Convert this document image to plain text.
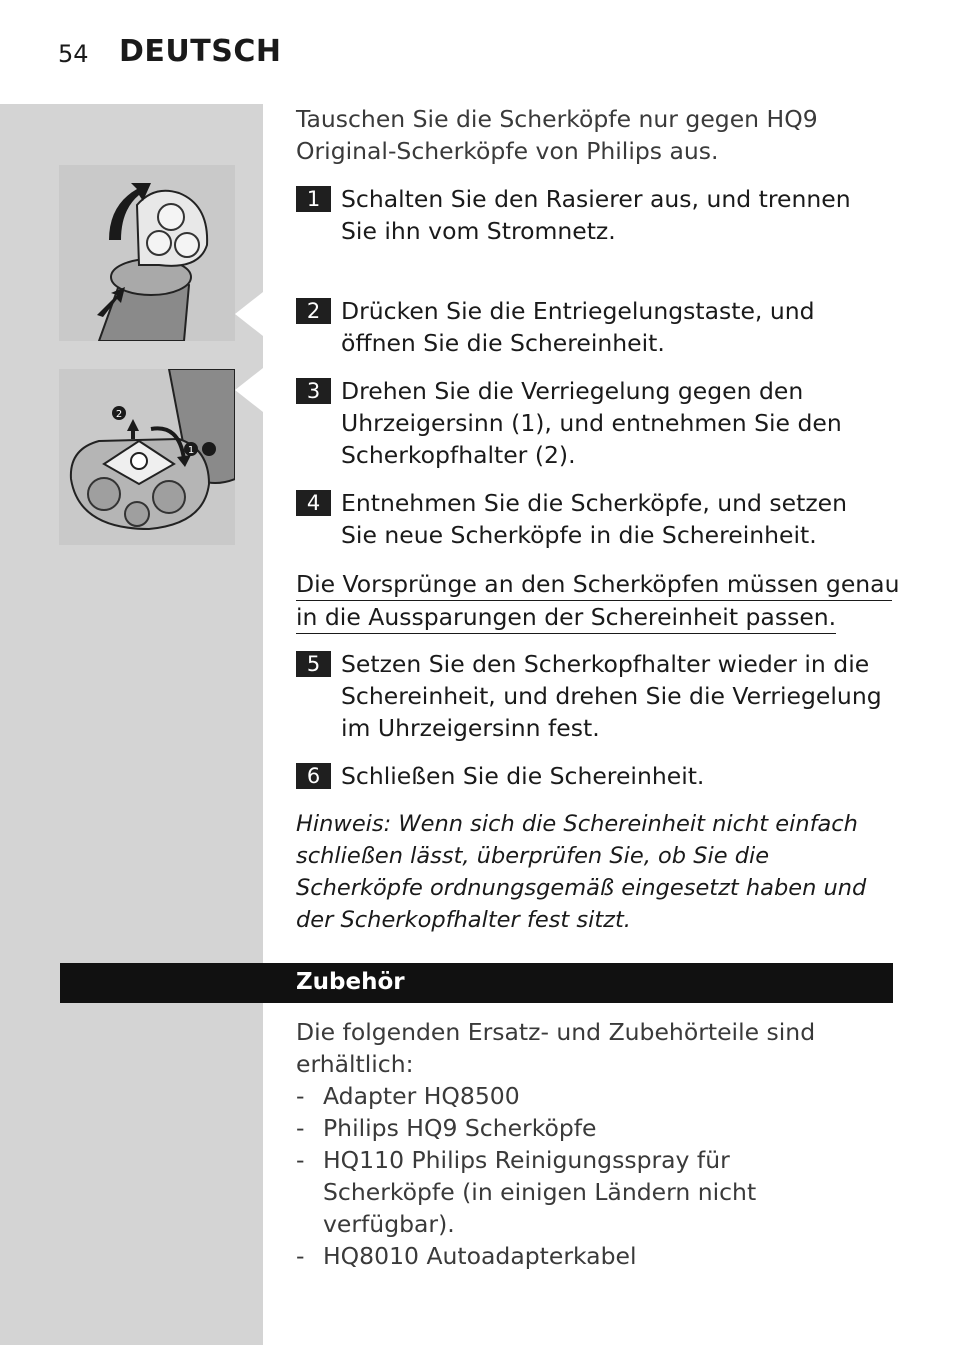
54 DEUTSCH
2
1
Tauschen Sie die Scherköpfe nur gegen HQ9 Original-Scherköpfe von Philips aus.
1 Schalten Sie den Rasierer aus, und trennen Sie ihn vom Stromnetz.
2 Drücken Sie die Entriegelungstaste, und öffnen Sie die Schereinheit.
3 Drehen Sie die Verriegelung gegen den Uhrzeigersinn (1), und entnehmen Sie den Scherkopfhalter (2).
4 Entnehmen Sie die Scherköpfe, und setzen Sie neue Scherköpfe in die Schereinheit.
Die Vorsprünge an den Scherköpfen müssen genau
in die Aussparungen der Schereinheit passen.
5 Setzen Sie den Scherkopfhalter wieder in die Schereinheit, und drehen Sie die Verriegelung im Uhrzeigersinn fest.
6 Schließen Sie die Schereinheit.
Hinweis: Wenn sich die Schereinheit nicht einfach schließen lässt, überprüfen Sie, ob Sie die Scherköpfe ordnungsgemäß eingesetzt haben und der Scherkopfhalter fest sitzt.
Zubehör
Die folgenden Ersatz- und Zubehörteile sind erhältlich:
- Adapter HQ8500
- Philips HQ9 Scherköpfe
- HQ110 Philips Reinigungsspray für Scherköpfe (in einigen Ländern nicht verfügbar).
- HQ8010 Autoadapterkabel
